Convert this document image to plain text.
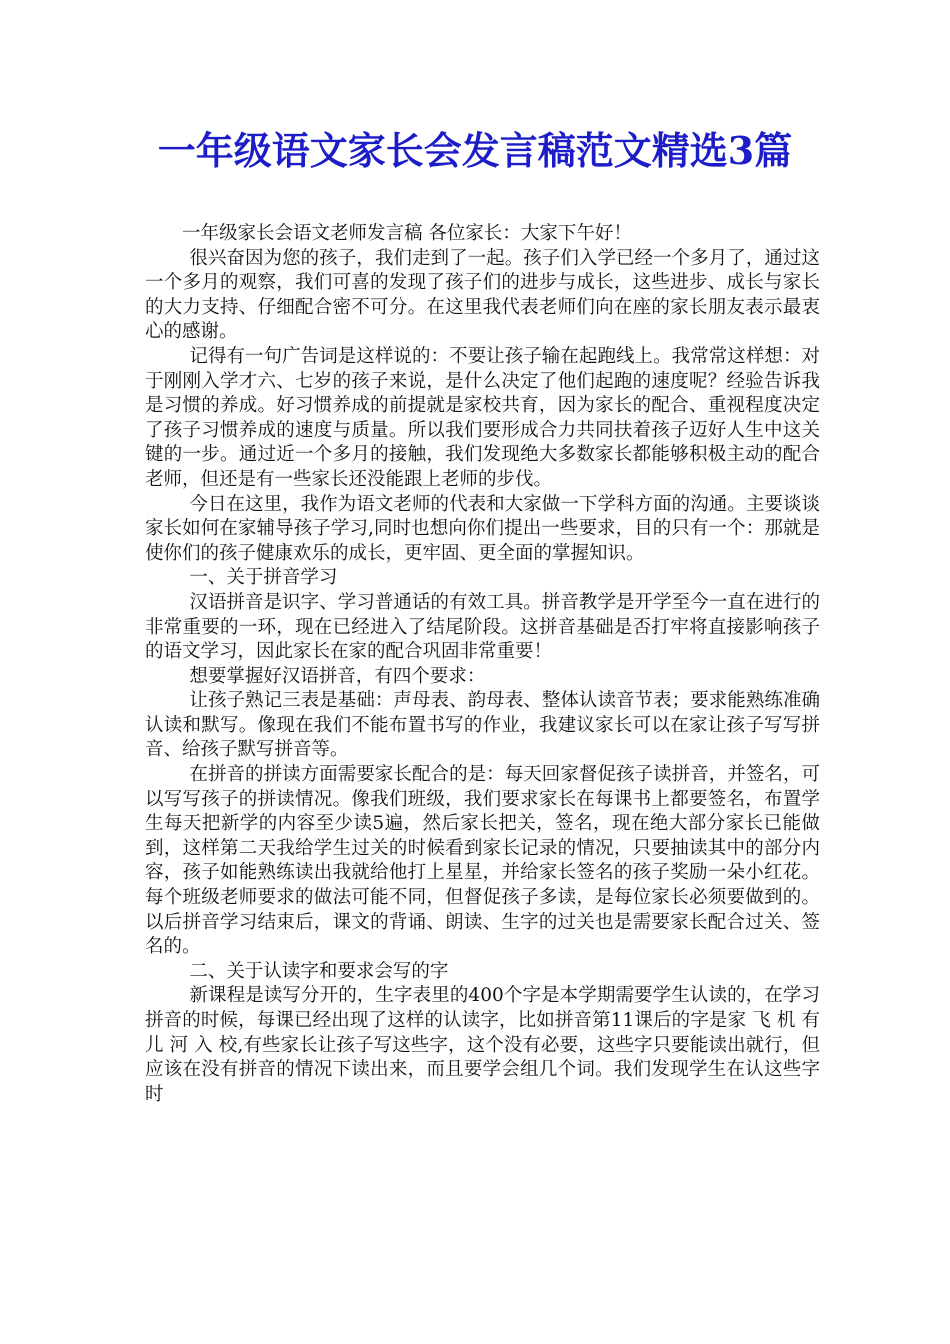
一年级语文家长会发言稿范文精选3篇

一年级家长会语文老师发言稿 各位家长：大家下午好！

很兴奋因为您的孩子，我们走到了一起。孩子们入学已经一个多月了，通过这一个多月的观察，我们可喜的发现了孩子们的进步与成长，这些进步、成长与家长的大力支持、仔细配合密不可分。在这里我代表老师们向在座的家长朋友表示最衷心的感谢。

记得有一句广告词是这样说的：不要让孩子输在起跑线上。我常常这样想：对于刚刚入学才六、七岁的孩子来说，是什么决定了他们起跑的速度呢？经验告诉我是习惯的养成。好习惯养成的前提就是家校共育，因为家长的配合、重视程度决定了孩子习惯养成的速度与质量。所以我们要形成合力共同扶着孩子迈好人生中这关键的一步。通过近一个多月的接触，我们发现绝大多数家长都能够积极主动的配合老师，但还是有一些家长还没能跟上老师的步伐。

今日在这里，我作为语文老师的代表和大家做一下学科方面的沟通。主要谈谈家长如何在家辅导孩子学习,同时也想向你们提出一些要求，目的只有一个：那就是使你们的孩子健康欢乐的成长，更牢固、更全面的掌握知识。

一、关于拼音学习

汉语拼音是识字、学习普通话的有效工具。拼音教学是开学至今一直在进行的非常重要的一环，现在已经进入了结尾阶段。这拼音基础是否打牢将直接影响孩子的语文学习，因此家长在家的配合巩固非常重要！

想要掌握好汉语拼音，有四个要求：

让孩子熟记三表是基础：声母表、韵母表、整体认读音节表；要求能熟练准确认读和默写。像现在我们不能布置书写的作业，我建议家长可以在家让孩子写写拼音、给孩子默写拼音等。

在拼音的拼读方面需要家长配合的是：每天回家督促孩子读拼音，并签名，可以写写孩子的拼读情况。像我们班级，我们要求家长在每课书上都要签名，布置学生每天把新学的内容至少读5遍，然后家长把关，签名，现在绝大部分家长已能做到，这样第二天我给学生过关的时候看到家长记录的情况，只要抽读其中的部分内容，孩子如能熟练读出我就给他打上星星，并给家长签名的孩子奖励一朵小红花。每个班级老师要求的做法可能不同，但督促孩子多读，是每位家长必须要做到的。以后拼音学习结束后，课文的背诵、朗读、生字的过关也是需要家长配合过关、签名的。

二、关于认读字和要求会写的字

新课程是读写分开的，生字表里的400个字是本学期需要学生认读的，在学习拼音的时候，每课已经出现了这样的认读字，比如拼音第11课后的字是家 飞 机 有 儿 河 入 校,有些家长让孩子写这些字，这个没有必要，这些字只要能读出就行，但应该在没有拼音的情况下读出来，而且要学会组几个词。我们发现学生在认这些字时
